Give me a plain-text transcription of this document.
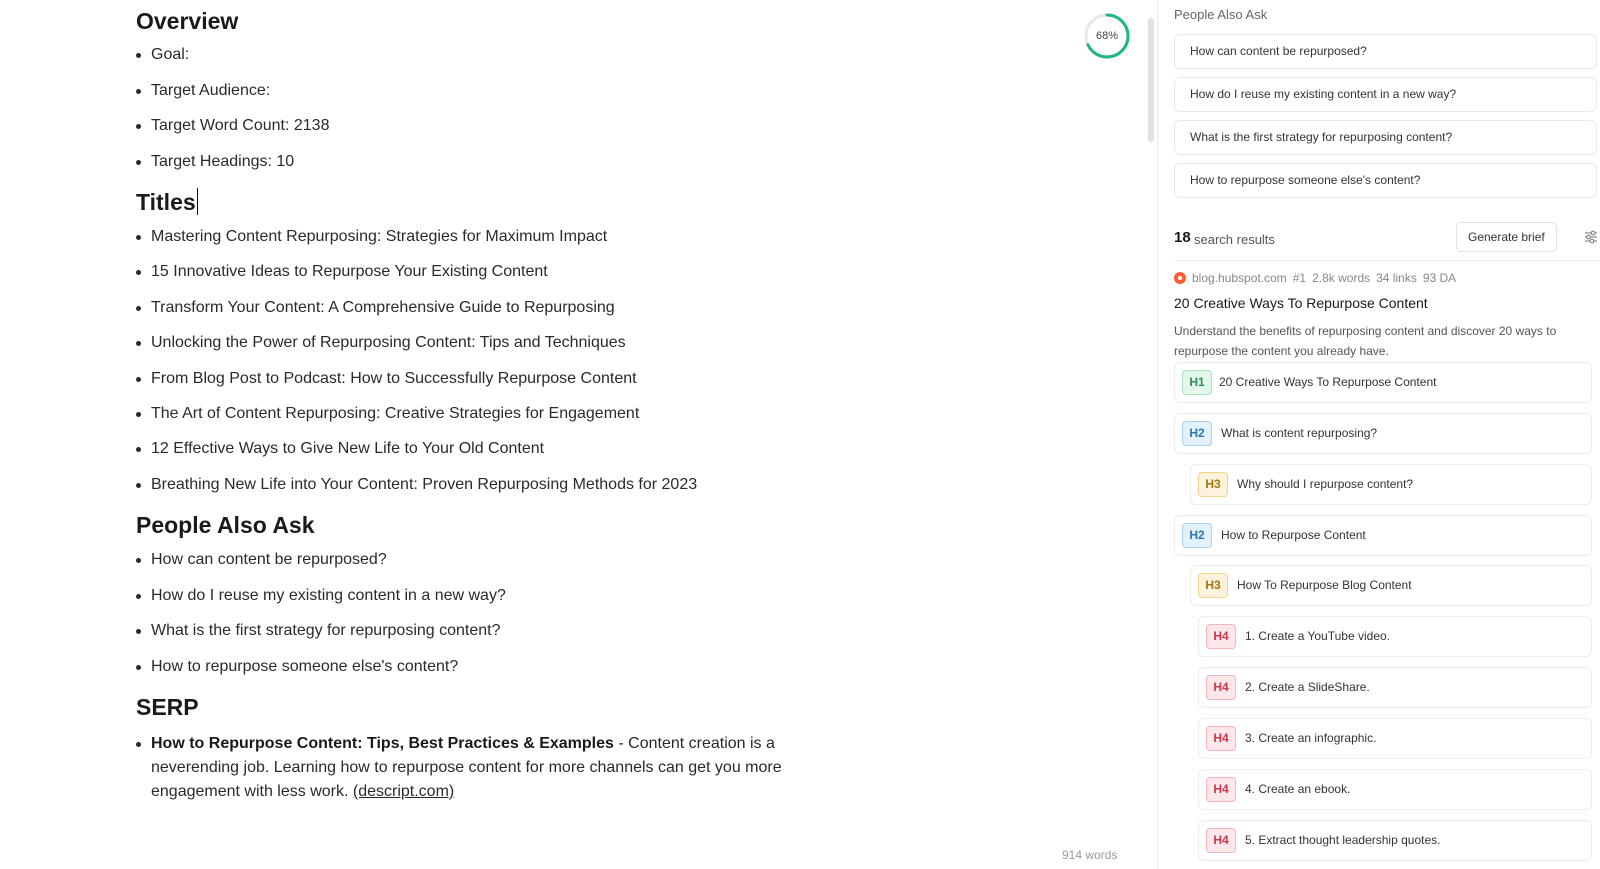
Overview
Goal:
Target Audience:
Target Word Count: 2138
Target Headings: 10
Titles
Mastering Content Repurposing: Strategies for Maximum Impact
15 Innovative Ideas to Repurpose Your Existing Content
Transform Your Content: A Comprehensive Guide to Repurposing
Unlocking the Power of Repurposing Content: Tips and Techniques
From Blog Post to Podcast: How to Successfully Repurpose Content
The Art of Content Repurposing: Creative Strategies for Engagement
12 Effective Ways to Give New Life to Your Old Content
Breathing New Life into Your Content: Proven Repurposing Methods for 2023
People Also Ask
How can content be repurposed?
How do I reuse my existing content in a new way?
What is the first strategy for repurposing content?
How to repurpose someone else's content?
SERP
How to Repurpose Content: Tips, Best Practices & Examples - Content creation is a neverending job. Learning how to repurpose content for more channels can get you more engagement with less work. (descript.com)
68%
914 words
People Also Ask
How can content be repurposed?
How do I reuse my existing content in a new way?
What is the first strategy for repurposing content?
How to repurpose someone else's content?
18 search results	Generate brief
blog.hubspot.com #1 2.8k words 34 links 93 DA
20 Creative Ways To Repurpose Content
Understand the benefits of repurposing content and discover 20 ways to repurpose the content you already have.
H1	20 Creative Ways To Repurpose Content
H2	What is content repurposing?
H3	Why should I repurpose content?
H2	How to Repurpose Content
H3	How To Repurpose Blog Content
H4	1. Create a YouTube video.
H4	2. Create a SlideShare.
H4	3. Create an infographic.
H4	4. Create an ebook.
H4	5. Extract thought leadership quotes.
